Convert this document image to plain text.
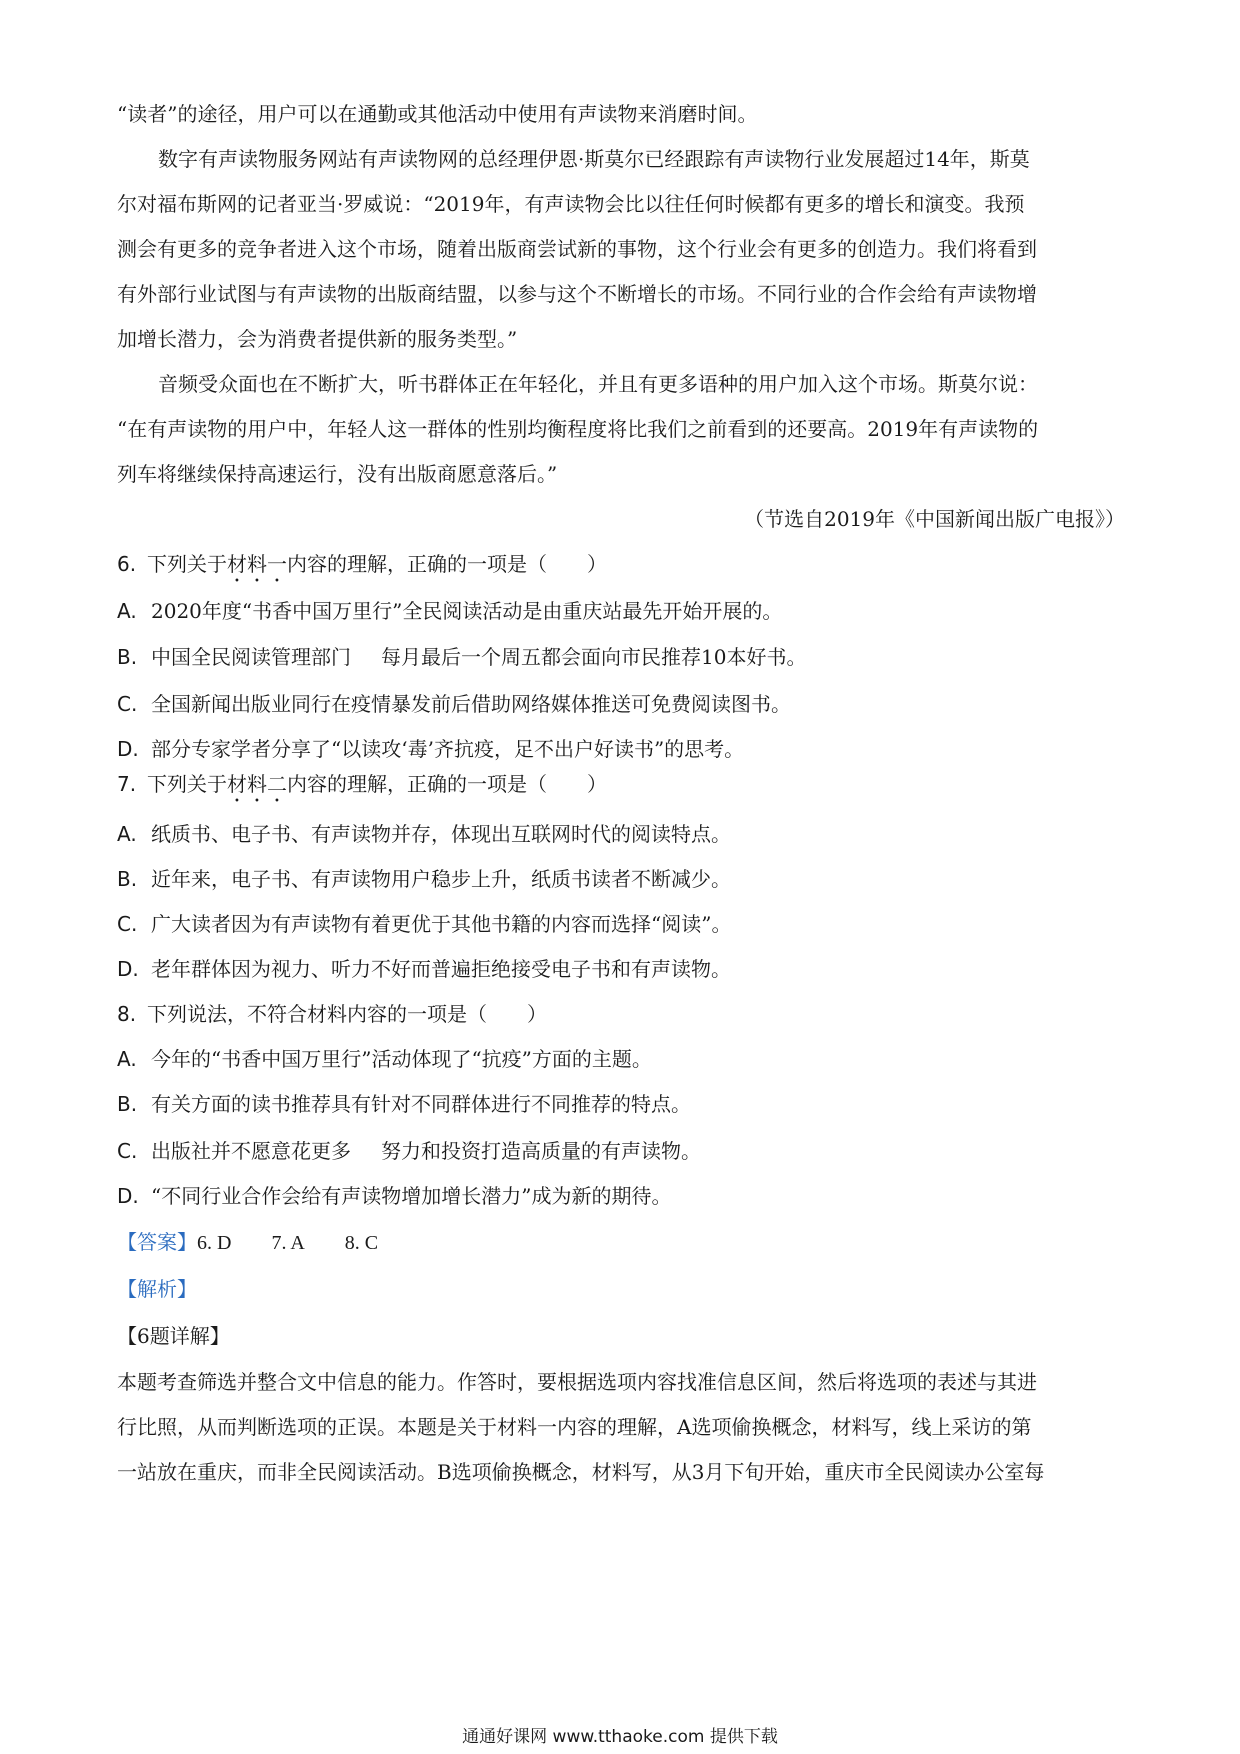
“读者”的途径，用户可以在通勤或其他活动中使用有声读物来消磨时间。
数字有声读物服务网站有声读物网的总经理伊恩·斯莫尔已经跟踪有声读物行业发展超过14年，斯莫
尔对福布斯网的记者亚当·罗威说：“2019年，有声读物会比以往任何时候都有更多的增长和演变。我预
测会有更多的竞争者进入这个市场，随着出版商尝试新的事物，这个行业会有更多的创造力。我们将看到
有外部行业试图与有声读物的出版商结盟，以参与这个不断增长的市场。不同行业的合作会给有声读物增
加增长潜力，会为消费者提供新的服务类型。”
音频受众面也在不断扩大，听书群体正在年轻化，并且有更多语种的用户加入这个市场。斯莫尔说：
“在有声读物的用户中，年轻人这一群体的性别均衡程度将比我们之前看到的还要高。2019年有声读物的
列车将继续保持高速运行，没有出版商愿意落后。”
（节选自2019年《中国新闻出版广电报》）
6. 下列关于材料一内容的理解，正确的一项是（　　）
A. 2020年度“书香中国万里行”全民阅读活动是由重庆站最先开始开展的。
B. 中国全民阅读管理部门 每月最后一个周五都会面向市民推荐10本好书。
C. 全国新闻出版业同行在疫情暴发前后借助网络媒体推送可免费阅读图书。
D. 部分专家学者分享了“以读攻‘毒’齐抗疫，足不出户好读书”的思考。
7. 下列关于材料二内容的理解，正确的一项是（　　）
A. 纸质书、电子书、有声读物并存，体现出互联网时代的阅读特点。
B. 近年来，电子书、有声读物用户稳步上升，纸质书读者不断减少。
C. 广大读者因为有声读物有着更优于其他书籍的内容而选择“阅读”。
D. 老年群体因为视力、听力不好而普遍拒绝接受电子书和有声读物。
8. 下列说法，不符合材料内容的一项是（　　）
A. 今年的“书香中国万里行”活动体现了“抗疫”方面的主题。
B. 有关方面的读书推荐具有针对不同群体进行不同推荐的特点。
C. 出版社并不愿意花更多 努力和投资打造高质量的有声读物。
D. “不同行业合作会给有声读物增加增长潜力”成为新的期待。
【答案】6. D 7. A 8. C
【解析】
【6题详解】
本题考查筛选并整合文中信息的能力。作答时，要根据选项内容找准信息区间，然后将选项的表述与其进
行比照，从而判断选项的正误。本题是关于材料一内容的理解，A选项偷换概念，材料写，线上采访的第
一站放在重庆，而非全民阅读活动。B选项偷换概念，材料写，从3月下旬开始，重庆市全民阅读办公室每
通通好课网 www.tthaoke.com 提供下载
